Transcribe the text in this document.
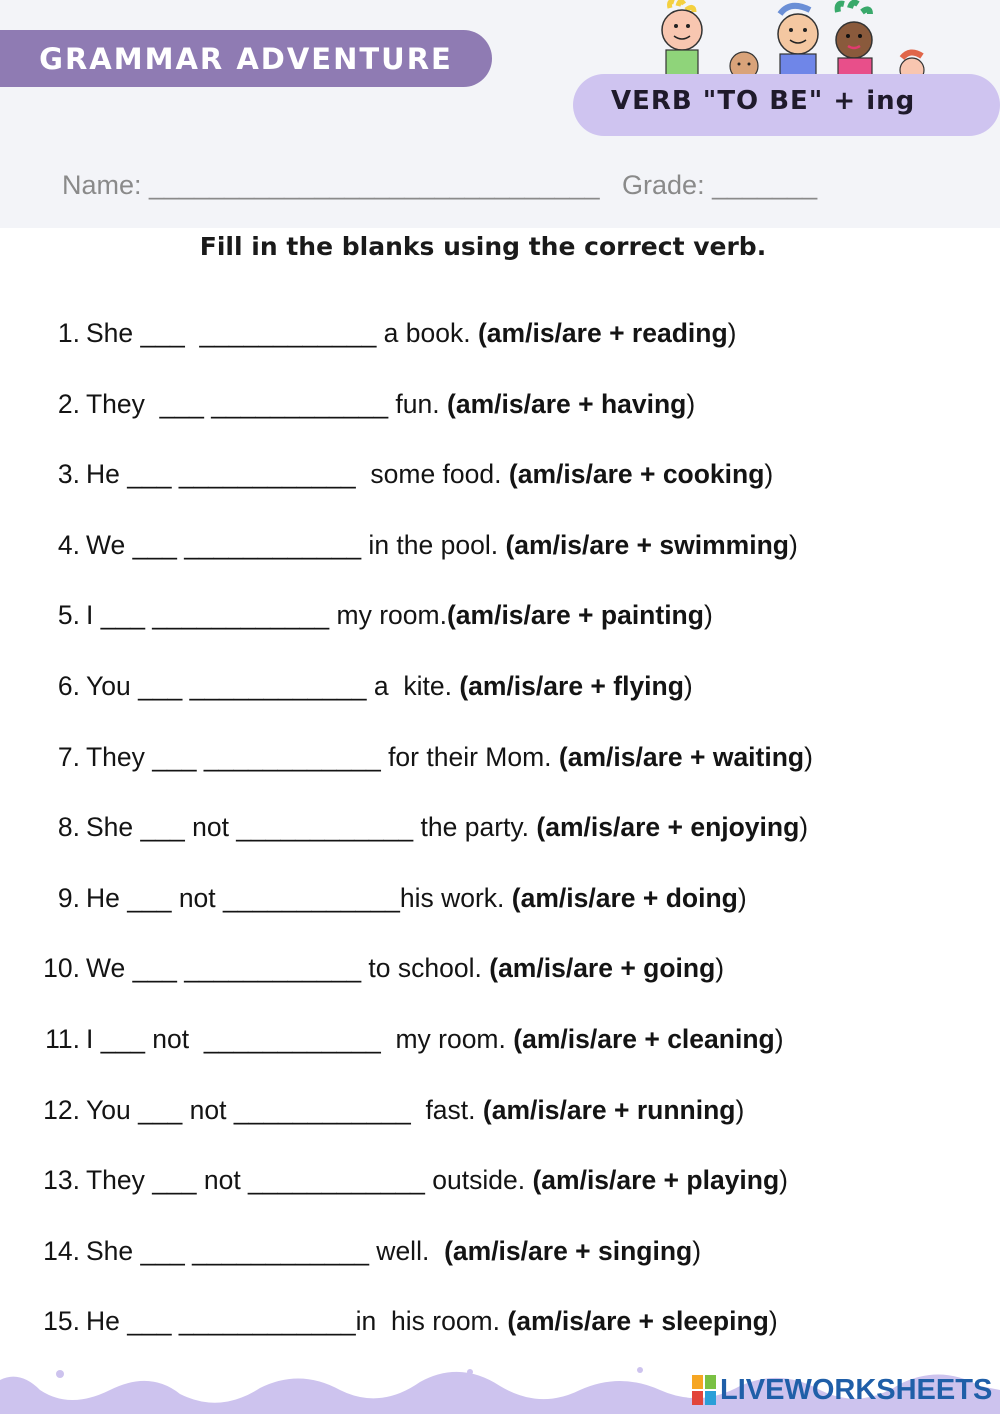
GRAMMAR ADVENTURE
VERB "TO BE" + ing
Name: ______________________________ Grade: _______
Fill in the blanks using the correct verb.
1. She ___  ____________ a book. (am/is/are + reading)
2. They  ___ ____________ fun. (am/is/are + having)
3. He ___ ____________  some food. (am/is/are + cooking)
4. We ___ ____________ in the pool. (am/is/are + swimming)
5. I ___ ____________ my room.(am/is/are + painting)
6. You ___ ____________ a  kite. (am/is/are + flying)
7. They ___ ____________ for their Mom. (am/is/are + waiting)
8. She ___ not ____________ the party. (am/is/are + enjoying)
9. He ___ not ____________his work. (am/is/are + doing)
10. We ___ ____________ to school. (am/is/are + going)
11. I ___ not  ____________  my room. (am/is/are + cleaning)
12. You ___ not ____________  fast. (am/is/are + running)
13. They ___ not ____________ outside. (am/is/are + playing)
14. She ___ ____________ well.  (am/is/are + singing)
15. He ___ ____________in  his room. (am/is/are + sleeping)
LIVEWORKSHEETS
